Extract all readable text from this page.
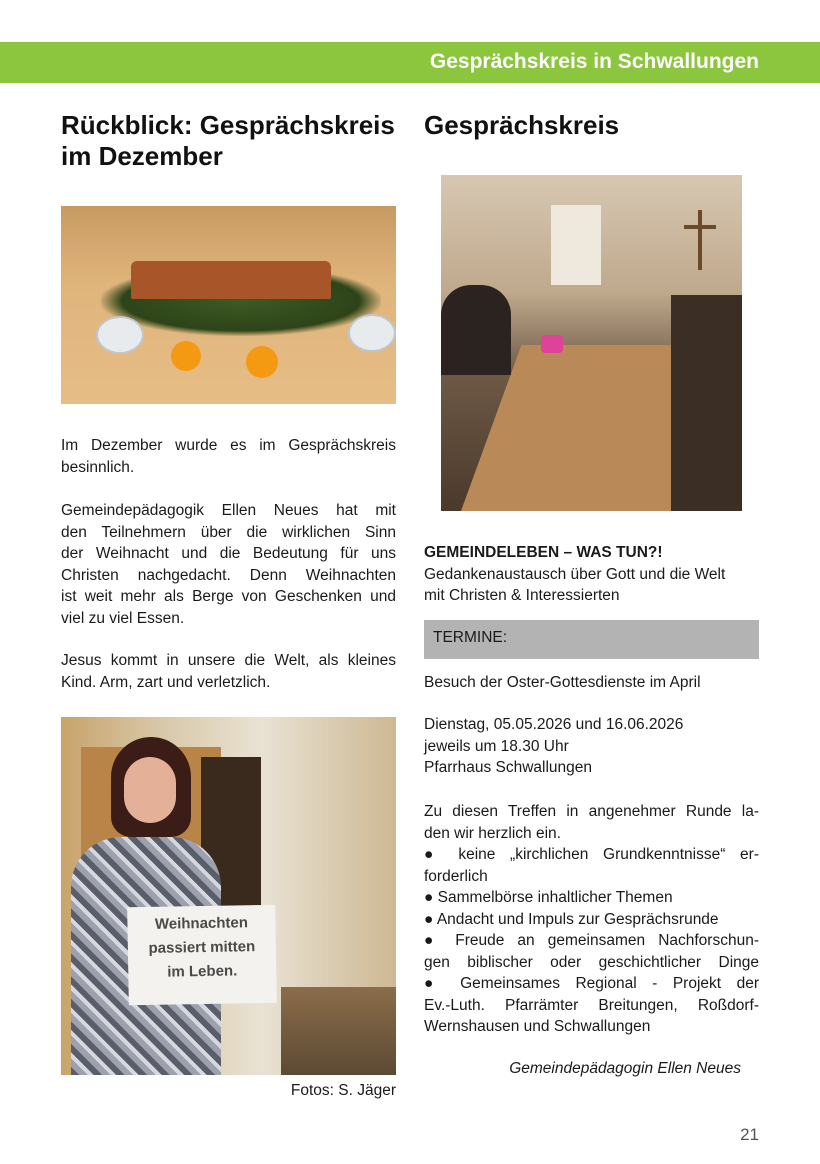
Gesprächskreis in Schwallungen
Rückblick: Gesprächskreis
im Dezember
Gesprächskreis
Im Dezember wurde es im Gesprächskreis
besinnlich.
Gemeindepädagogik Ellen Neues hat mit
den Teilnehmern über die wirklichen Sinn
der Weihnacht und die Bedeutung für uns
Christen nachgedacht. Denn Weihnachten
ist weit mehr als Berge von Geschenken und
viel zu viel Essen.
Jesus kommt in unsere die Welt, als kleines
Kind. Arm, zart und verletzlich.
Weihnachten
passiert mitten
im Leben.
Fotos: S. Jäger
GEMEINDELEBEN – WAS TUN?!
Gedankenaustausch über Gott und die Welt
mit Christen & Interessierten
TERMINE:
Besuch der Oster-Gottesdienste im April
Dienstag, 05.05.2026 und 16.06.2026
jeweils um 18.30 Uhr
Pfarrhaus Schwallungen
Zu diesen Treffen in angenehmer Runde la-
den wir herzlich ein.
● keine „kirchlichen Grundkenntnisse“ er-
forderlich
● Sammelbörse inhaltlicher Themen
● Andacht und Impuls zur Gesprächsrunde
● Freude an gemeinsamen Nachforschun-
gen biblischer oder geschichtlicher Dinge
● Gemeinsames Regional - Projekt der
Ev.-Luth. Pfarrämter Breitungen, Roßdorf-
Wernshausen und Schwallungen
Gemeindepädagogin Ellen Neues
21
